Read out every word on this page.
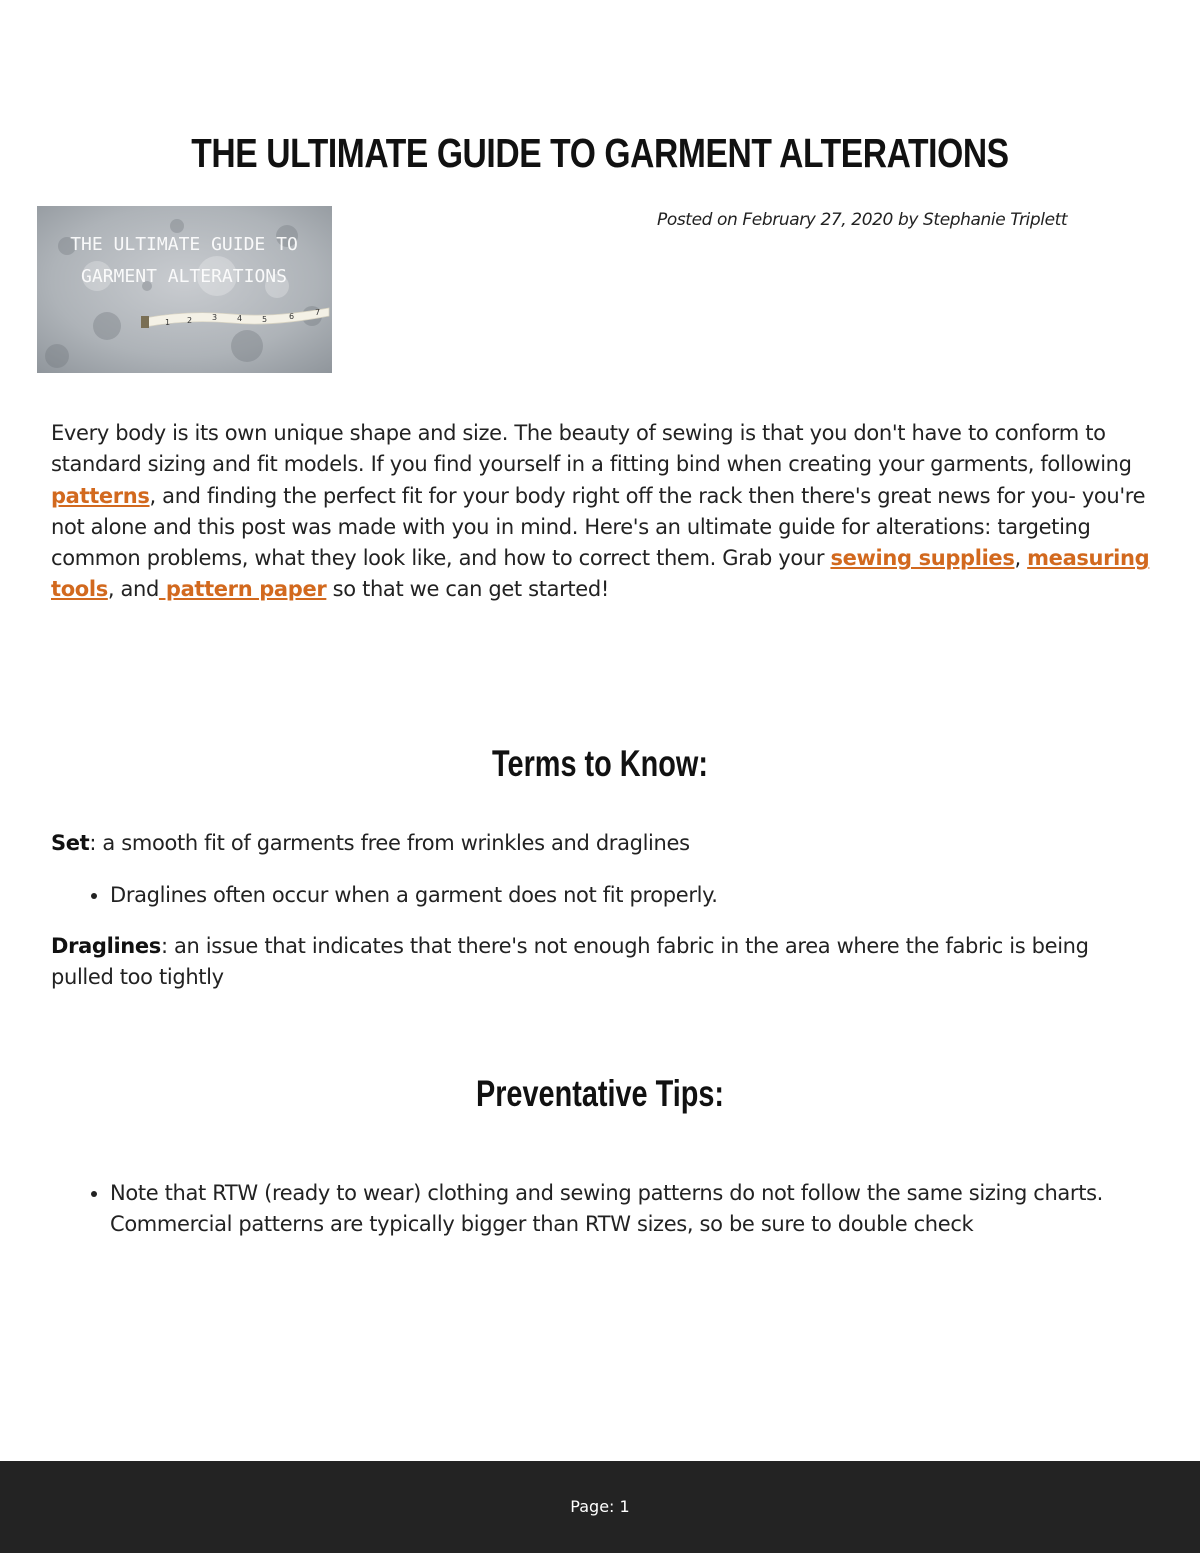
THE ULTIMATE GUIDE TO GARMENT ALTERATIONS
THE ULTIMATE GUIDE TO
GARMENT ALTERATIONS
1 2 3 4 5	6	7
Posted on February 27, 2020 by Stephanie Triplett

Every body is its own unique shape and size. The beauty of sewing is that you don't have to conform to standard sizing and fit models. If you find yourself in a fitting bind when creating your garments, following patterns, and finding the perfect fit for your body right off the rack then there's great news for you- you're not alone and this post was made with you in mind. Here's an ultimate guide for alterations: targeting common problems, what they look like, and how to correct them. Grab your sewing supplies, measuring tools, and pattern paper so that we can get started!

Terms to Know:

Set: a smooth fit of garments free from wrinkles and draglines

• Draglines often occur when a garment does not fit properly.

Draglines: an issue that indicates that there's not enough fabric in the area where the fabric is being pulled too tightly

Preventative Tips:
• Note that RTW (ready to wear) clothing and sewing patterns do not follow the same sizing charts. Commercial patterns are typically bigger than RTW sizes, so be sure to double check
Page: 1
